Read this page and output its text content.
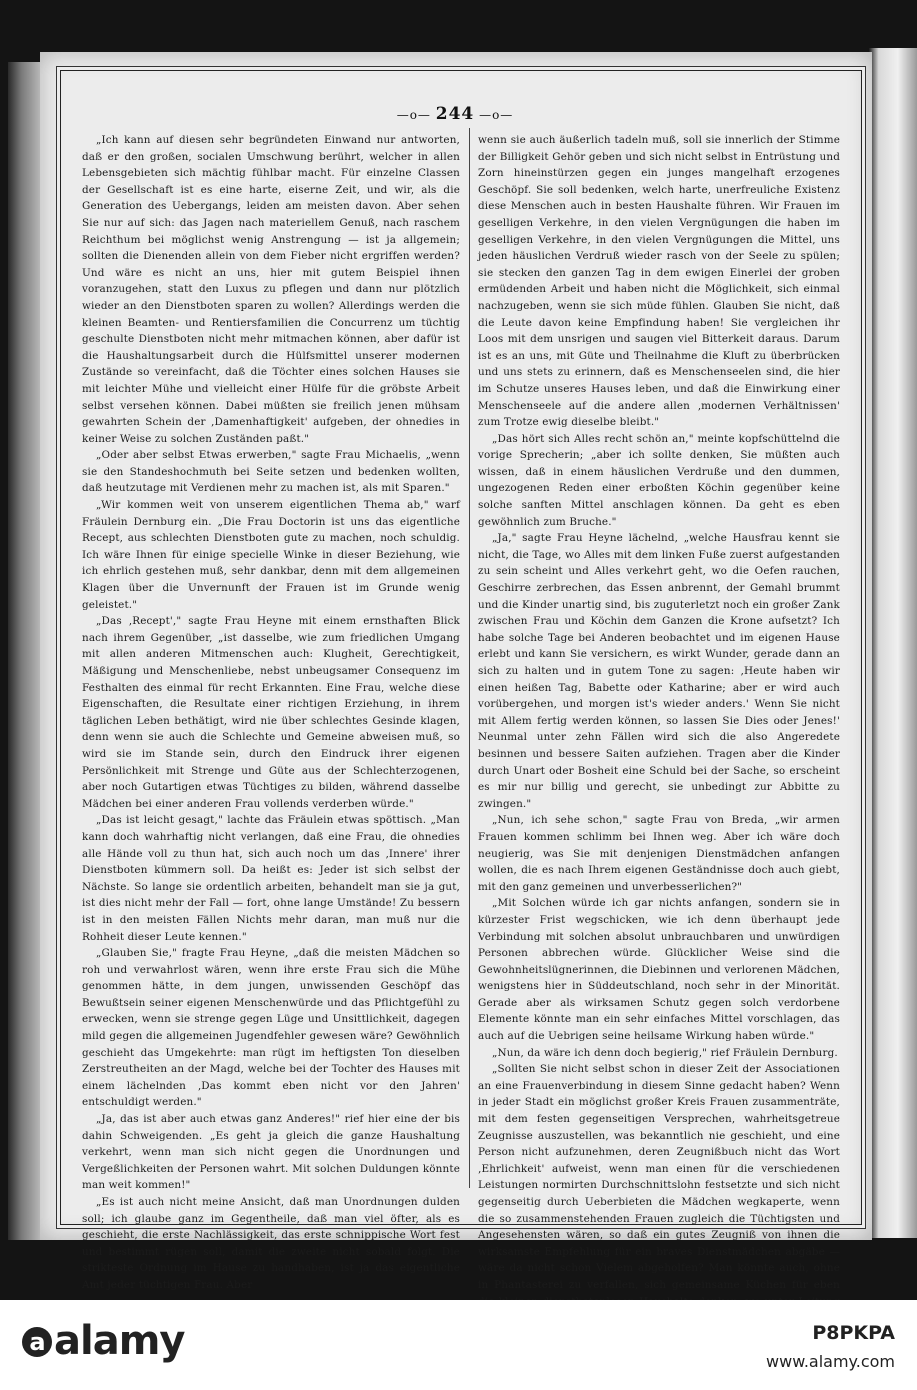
—o— 244 —o—

„Ich kann auf diesen sehr begründeten Einwand nur antworten, daß er den großen, socialen Umschwung berührt, welcher in allen Lebensgebieten sich mächtig fühlbar macht. Für einzelne Classen der Gesellschaft ist es eine harte, eiserne Zeit, und wir, als die Generation des Uebergangs, leiden am meisten davon. Aber sehen Sie nur auf sich: das Jagen nach materiellem Genuß, nach raschem Reichthum bei möglichst wenig Anstrengung — ist ja allgemein; sollten die Dienenden allein von dem Fieber nicht ergriffen werden? Und wäre es nicht an uns, hier mit gutem Beispiel ihnen voranzugehen, statt den Luxus zu pflegen und dann nur plötzlich wieder an den Dienstboten sparen zu wollen? Allerdings werden die kleinen Beamten- und Rentiersfamilien die Concurrenz um tüchtig geschulte Dienstboten nicht mehr mitmachen können, aber dafür ist die Haushaltungsarbeit durch die Hülfsmittel unserer modernen Zustände so vereinfacht, daß die Töchter eines solchen Hauses sie mit leichter Mühe und vielleicht einer Hülfe für die gröbste Arbeit selbst versehen können. Dabei müßten sie freilich jenen mühsam gewahrten Schein der ‚Damenhaftigkeit' aufgeben, der ohnedies in keiner Weise zu solchen Zuständen paßt."

„Oder aber selbst Etwas erwerben," sagte Frau Michaelis, „wenn sie den Standeshochmuth bei Seite setzen und bedenken wollten, daß heutzutage mit Verdienen mehr zu machen ist, als mit Sparen."

„Wir kommen weit von unserem eigentlichen Thema ab," warf Fräulein Dernburg ein. „Die Frau Doctorin ist uns das eigentliche Recept, aus schlechten Dienstboten gute zu machen, noch schuldig. Ich wäre Ihnen für einige specielle Winke in dieser Beziehung, wie ich ehrlich gestehen muß, sehr dankbar, denn mit dem allgemeinen Klagen über die Unvernunft der Frauen ist im Grunde wenig geleistet."

„Das ‚Recept'," sagte Frau Heyne mit einem ernsthaften Blick nach ihrem Gegenüber, „ist dasselbe, wie zum friedlichen Umgang mit allen anderen Mitmenschen auch: Klugheit, Gerechtigkeit, Mäßigung und Menschenliebe, nebst unbeugsamer Consequenz im Festhalten des einmal für recht Erkannten. Eine Frau, welche diese Eigenschaften, die Resultate einer richtigen Erziehung, in ihrem täglichen Leben bethätigt, wird nie über schlechtes Gesinde klagen, denn wenn sie auch die Schlechte und Gemeine abweisen muß, so wird sie im Stande sein, durch den Eindruck ihrer eigenen Persönlichkeit mit Strenge und Güte aus der Schlechterzogenen, aber noch Gutartigen etwas Tüchtiges zu bilden, während dasselbe Mädchen bei einer anderen Frau vollends verderben würde."

„Das ist leicht gesagt," lachte das Fräulein etwas spöttisch. „Man kann doch wahrhaftig nicht verlangen, daß eine Frau, die ohnedies alle Hände voll zu thun hat, sich auch noch um das ‚Innere' ihrer Dienstboten kümmern soll. Da heißt es: Jeder ist sich selbst der Nächste. So lange sie ordentlich arbeiten, behandelt man sie ja gut, ist dies nicht mehr der Fall — fort, ohne lange Umstände! Zu bessern ist in den meisten Fällen Nichts mehr daran, man muß nur die Rohheit dieser Leute kennen."

„Glauben Sie," fragte Frau Heyne, „daß die meisten Mädchen so roh und verwahrlost wären, wenn ihre erste Frau sich die Mühe genommen hätte, in dem jungen, unwissenden Geschöpf das Bewußtsein seiner eigenen Menschenwürde und das Pflichtgefühl zu erwecken, wenn sie strenge gegen Lüge und Unsittlichkeit, dagegen mild gegen die allgemeinen Jugendfehler gewesen wäre? Gewöhnlich geschieht das Umgekehrte: man rügt im heftigsten Ton dieselben Zerstreutheiten an der Magd, welche bei der Tochter des Hauses mit einem lächelnden ‚Das kommt eben nicht vor den Jahren' entschuldigt werden."

„Ja, das ist aber auch etwas ganz Anderes!" rief hier eine der bis dahin Schweigenden. „Es geht ja gleich die ganze Haushaltung verkehrt, wenn man sich nicht gegen die Unordnungen und Vergeßlichkeiten der Personen wahrt. Mit solchen Duldungen könnte man weit kommen!"

„Es ist auch nicht meine Ansicht, daß man Unordnungen dulden soll; ich glaube ganz im Gegentheile, daß man viel öfter, als es geschieht, die erste Nachlässigkeit, das erste schnippische Wort fest und bestimmt rügen soll, damit die zweite nicht sobald folgt. Die strikteste Ordnung im Hause zu handhaben, ist ja das eigentliche Amt jeder tüchtigen Frau. Aber

wenn sie auch äußerlich tadeln muß, soll sie innerlich der Stimme der Billigkeit Gehör geben und sich nicht selbst in Entrüstung und Zorn hineinstürzen gegen ein junges mangelhaft erzogenes Geschöpf. Sie soll bedenken, welch harte, unerfreuliche Existenz diese Menschen auch in besten Haushalte führen. Wir Frauen im geselligen Verkehre, in den vielen Vergnügungen die haben im geselligen Verkehre, in den vielen Vergnügungen die Mittel, uns jeden häuslichen Verdruß wieder rasch von der Seele zu spülen; sie stecken den ganzen Tag in dem ewigen Einerlei der groben ermüdenden Arbeit und haben nicht die Möglichkeit, sich einmal nachzugeben, wenn sie sich müde fühlen. Glauben Sie nicht, daß die Leute davon keine Empfindung haben! Sie vergleichen ihr Loos mit dem unsrigen und saugen viel Bitterkeit daraus. Darum ist es an uns, mit Güte und Theilnahme die Kluft zu überbrücken und uns stets zu erinnern, daß es Menschenseelen sind, die hier im Schutze unseres Hauses leben, und daß die Einwirkung einer Menschenseele auf die andere allen ‚modernen Verhältnissen' zum Trotze ewig dieselbe bleibt."

„Das hört sich Alles recht schön an," meinte kopfschüttelnd die vorige Sprecherin; „aber ich sollte denken, Sie müßten auch wissen, daß in einem häuslichen Verdruße und den dummen, ungezogenen Reden einer erboßten Köchin gegenüber keine solche sanften Mittel anschlagen können. Da geht es eben gewöhnlich zum Bruche."

„Ja," sagte Frau Heyne lächelnd, „welche Hausfrau kennt sie nicht, die Tage, wo Alles mit dem linken Fuße zuerst aufgestanden zu sein scheint und Alles verkehrt geht, wo die Oefen rauchen, Geschirre zerbrechen, das Essen anbrennt, der Gemahl brummt und die Kinder unartig sind, bis zuguterletzt noch ein großer Zank zwischen Frau und Köchin dem Ganzen die Krone aufsetzt? Ich habe solche Tage bei Anderen beobachtet und im eigenen Hause erlebt und kann Sie versichern, es wirkt Wunder, gerade dann an sich zu halten und in gutem Tone zu sagen: ‚Heute haben wir einen heißen Tag, Babette oder Katharine; aber er wird auch vorübergehen, und morgen ist's wieder anders.' Wenn Sie nicht mit Allem fertig werden können, so lassen Sie Dies oder Jenes!' Neunmal unter zehn Fällen wird sich die also Angeredete besinnen und bessere Saiten aufziehen. Tragen aber die Kinder durch Unart oder Bosheit eine Schuld bei der Sache, so erscheint es mir nur billig und gerecht, sie unbedingt zur Abbitte zu zwingen."

„Nun, ich sehe schon," sagte Frau von Breda, „wir armen Frauen kommen schlimm bei Ihnen weg. Aber ich wäre doch neugierig, was Sie mit denjenigen Dienstmädchen anfangen wollen, die es nach Ihrem eigenen Geständnisse doch auch giebt, mit den ganz gemeinen und unverbesserlichen?"

„Mit Solchen würde ich gar nichts anfangen, sondern sie in kürzester Frist wegschicken, wie ich denn überhaupt jede Verbindung mit solchen absolut unbrauchbaren und unwürdigen Personen abbrechen würde. Glücklicher Weise sind die Gewohnheitslügnerinnen, die Diebinnen und verlorenen Mädchen, wenigstens hier in Süddeutschland, noch sehr in der Minorität. Gerade aber als wirksamen Schutz gegen solch verdorbene Elemente könnte man ein sehr einfaches Mittel vorschlagen, das auch auf die Uebrigen seine heilsame Wirkung haben würde."

„Nun, da wäre ich denn doch begierig," rief Fräulein Dernburg.

„Sollten Sie nicht selbst schon in dieser Zeit der Associationen an eine Frauenverbindung in diesem Sinne gedacht haben? Wenn in jeder Stadt ein möglichst großer Kreis Frauen zusammenträte, mit dem festen gegenseitigen Versprechen, wahrheitsgetreue Zeugnisse auszustellen, was bekanntlich nie geschieht, und eine Person nicht aufzunehmen, deren Zeugnißbuch nicht das Wort ‚Ehrlichkeit' aufweist, wenn man einen für die verschiedenen Leistungen normirten Durchschnittslohn festsetzte und sich nicht gegenseitig durch Ueberbieten die Mädchen wegkaperte, wenn die so zusammenstehenden Frauen zugleich die Tüchtigsten und Angesehensten wären, so daß ein gutes Zeugniß von ihnen die wirksamste Empfehlung für ein braves Dienstmädchen abgäbe — wäre da nicht schon Vielem abgeholfen? Man könnte auch, ohne in Phantasterei zu verfallen, sich gemeinsame Küchen für eben

a alamy	P8PKPA
www.alamy.com
